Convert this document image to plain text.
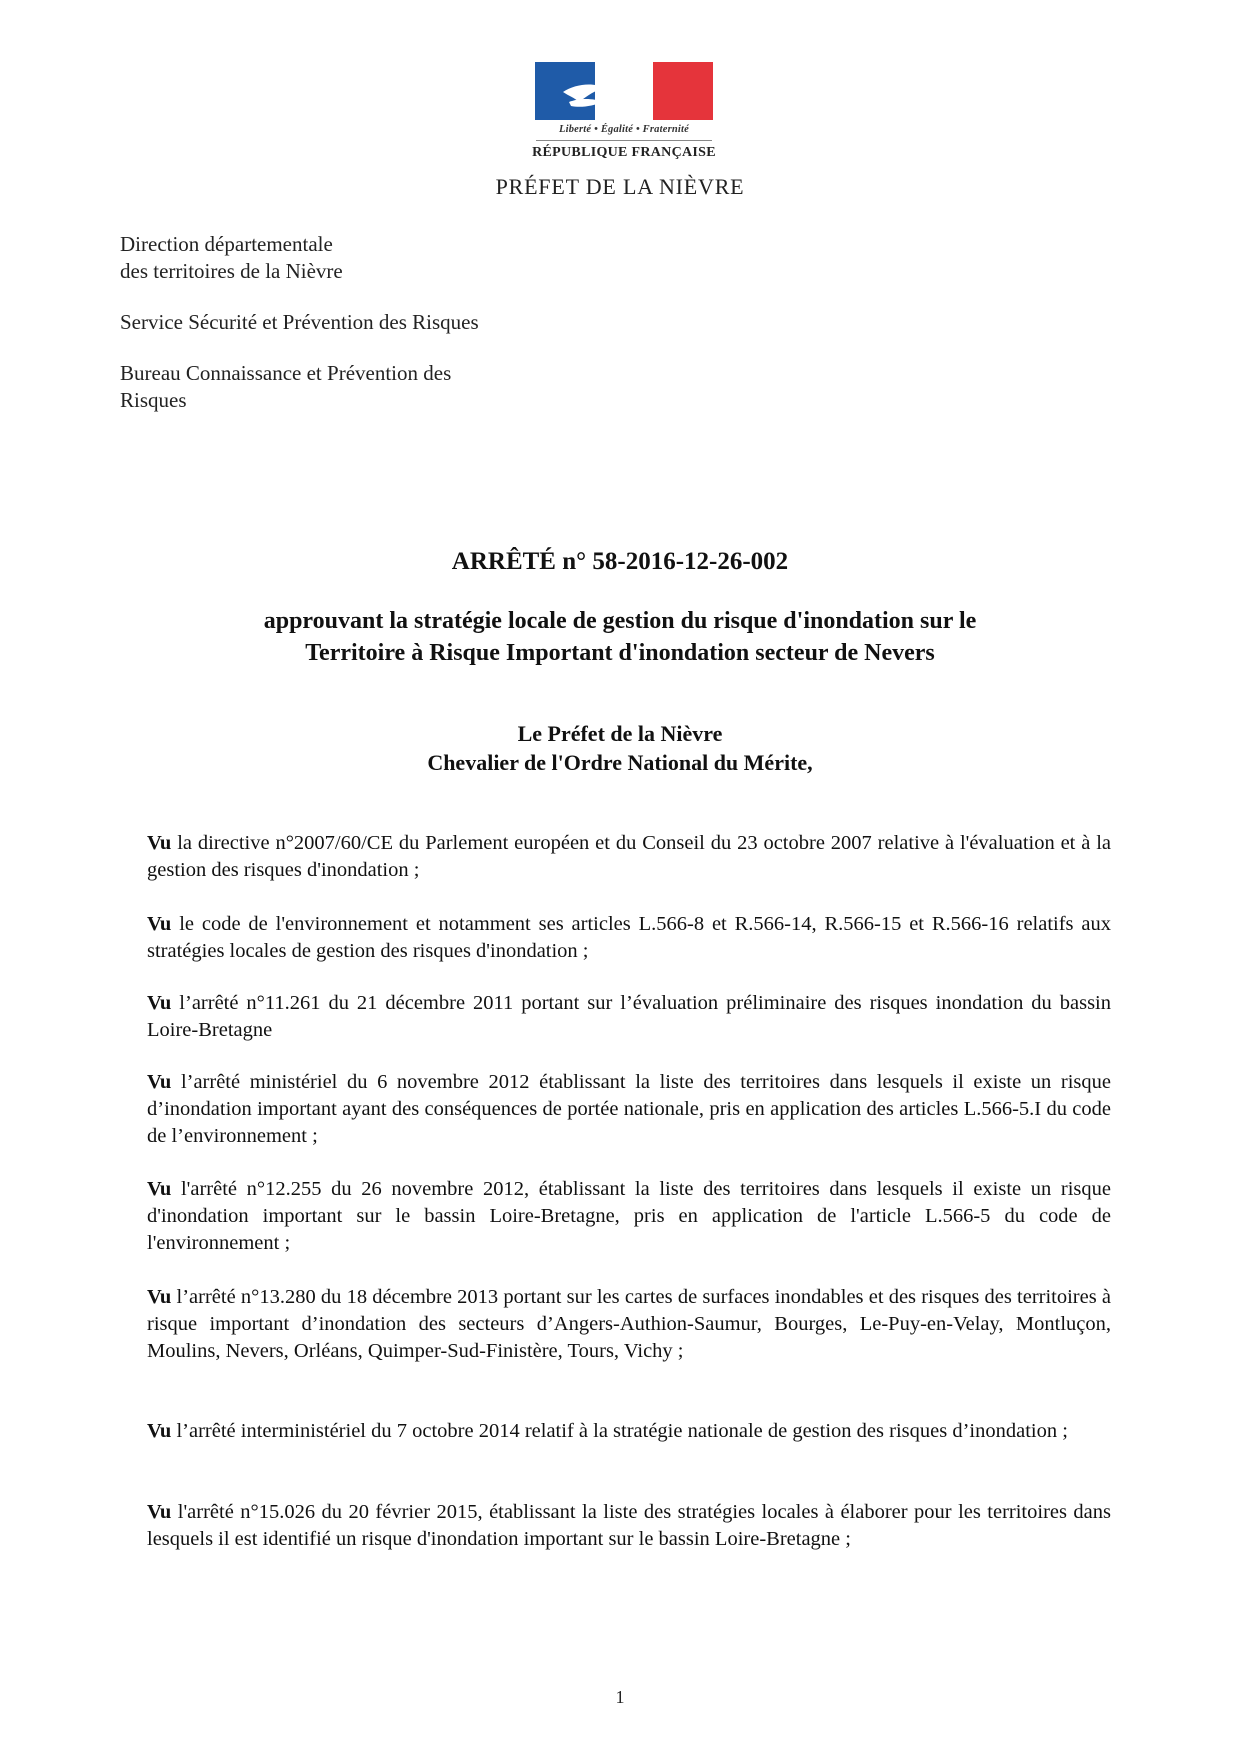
Liberté • Égalité • Fraternité
RÉPUBLIQUE FRANÇAISE
PRÉFET DE LA NIÈVRE
Direction départementale
des territoires de la Nièvre
Service Sécurité et Prévention des Risques
Bureau Connaissance et Prévention des
Risques
ARRÊTÉ n° 58-2016-12-26-002
approuvant la stratégie locale de gestion du risque d'inondation sur le
Territoire à Risque Important d'inondation secteur de Nevers
Le Préfet de la Nièvre
Chevalier de l'Ordre National du Mérite,
Vu la directive n°2007/60/CE du Parlement européen et du Conseil du 23 octobre 2007 relative à l'évaluation et à la gestion des risques d'inondation ;
Vu le code de l'environnement et notamment ses articles L.566-8 et R.566-14, R.566-15 et R.566-16 relatifs aux stratégies locales de gestion des risques d'inondation ;
Vu l’arrêté n°11.261 du 21 décembre 2011 portant sur l’évaluation préliminaire des risques inondation du bassin Loire-Bretagne
Vu l’arrêté ministériel du 6 novembre 2012 établissant la liste des territoires dans lesquels il existe un risque d’inondation important ayant des conséquences de portée nationale, pris en application des articles L.566-5.I du code de l’environnement ;
Vu l'arrêté n°12.255 du 26 novembre 2012, établissant la liste des territoires dans lesquels il existe un risque d'inondation important sur le bassin Loire-Bretagne, pris en application de l'article L.566-5 du code de l'environnement ;
Vu l’arrêté n°13.280 du 18 décembre 2013 portant sur les cartes de surfaces inondables et des risques des territoires à risque important d’inondation des secteurs d’Angers-Authion-Saumur, Bourges, Le-Puy-en-Velay, Montluçon, Moulins, Nevers, Orléans, Quimper-Sud-Finistère, Tours, Vichy ;
Vu l’arrêté interministériel du 7 octobre 2014 relatif à la stratégie nationale de gestion des risques d’inondation ;
Vu l'arrêté n°15.026 du 20 février 2015, établissant la liste des stratégies locales à élaborer pour les territoires dans lesquels il est identifié un risque d'inondation important sur le bassin Loire-Bretagne ;
1
